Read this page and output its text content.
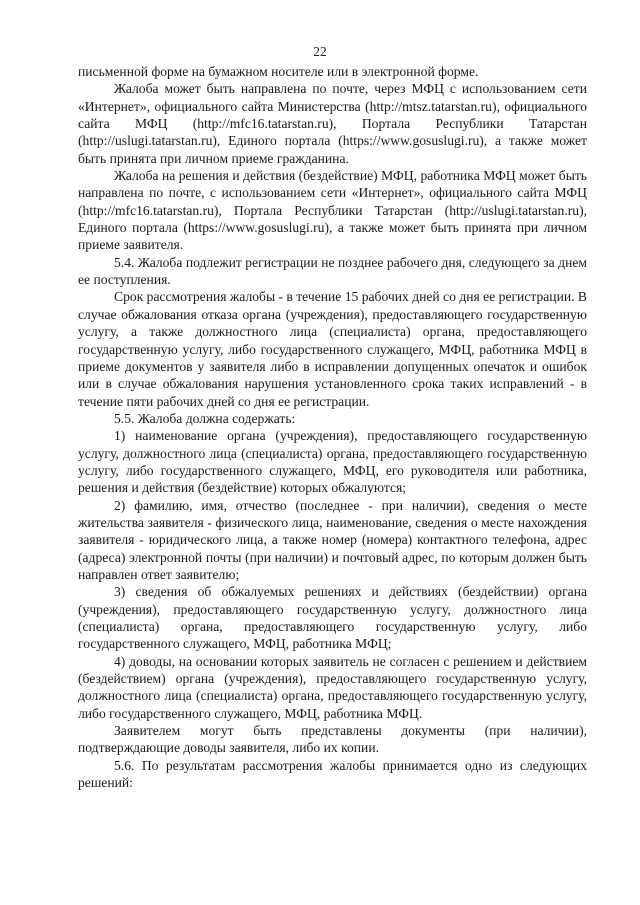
22

письменной форме на бумажном носителе или в электронной форме.

Жалоба может быть направлена по почте, через МФЦ с использованием сети «Интернет», официального сайта Министерства (http://mtsz.tatarstan.ru), официального сайта МФЦ (http://mfc16.tatarstan.ru), Портала Республики Татарстан (http://uslugi.tatarstan.ru), Единого портала (https://www.gosuslugi.ru), а также может быть принята при личном приеме гражданина.

Жалоба на решения и действия (бездействие) МФЦ, работника МФЦ может быть направлена по почте, с использованием сети «Интернет», официального сайта МФЦ (http://mfc16.tatarstan.ru), Портала Республики Татарстан (http://uslugi.tatarstan.ru), Единого портала (https://www.gosuslugi.ru), а также может быть принята при личном приеме заявителя.

5.4. Жалоба подлежит регистрации не позднее рабочего дня, следующего за днем ее поступления.

Срок рассмотрения жалобы - в течение 15 рабочих дней со дня ее регистрации. В случае обжалования отказа органа (учреждения), предоставляющего государственную услугу, а также должностного лица (специалиста) органа, предоставляющего государственную услугу, либо государственного служащего, МФЦ, работника МФЦ в приеме документов у заявителя либо в исправлении допущенных опечаток и ошибок или в случае обжалования нарушения установленного срока таких исправлений - в течение пяти рабочих дней со дня ее регистрации.

5.5. Жалоба должна содержать:

1) наименование органа (учреждения), предоставляющего государственную услугу, должностного лица (специалиста) органа, предоставляющего государственную услугу, либо государственного служащего, МФЦ, его руководителя или работника, решения и действия (бездействие) которых обжалуются;

2) фамилию, имя, отчество (последнее - при наличии), сведения о месте жительства заявителя - физического лица, наименование, сведения о месте нахождения заявителя - юридического лица, а также номер (номера) контактного телефона, адрес (адреса) электронной почты (при наличии) и почтовый адрес, по которым должен быть направлен ответ заявителю;

3) сведения об обжалуемых решениях и действиях (бездействии) органа (учреждения), предоставляющего государственную услугу, должностного лица (специалиста) органа, предоставляющего государственную услугу, либо государственного служащего, МФЦ, работника МФЦ;

4) доводы, на основании которых заявитель не согласен с решением и действием (бездействием) органа (учреждения), предоставляющего государственную услугу, должностного лица (специалиста) органа, предоставляющего государственную услугу, либо государственного служащего, МФЦ, работника МФЦ.

Заявителем могут быть представлены документы (при наличии), подтверждающие доводы заявителя, либо их копии.

5.6. По результатам рассмотрения жалобы принимается одно из следующих решений:
